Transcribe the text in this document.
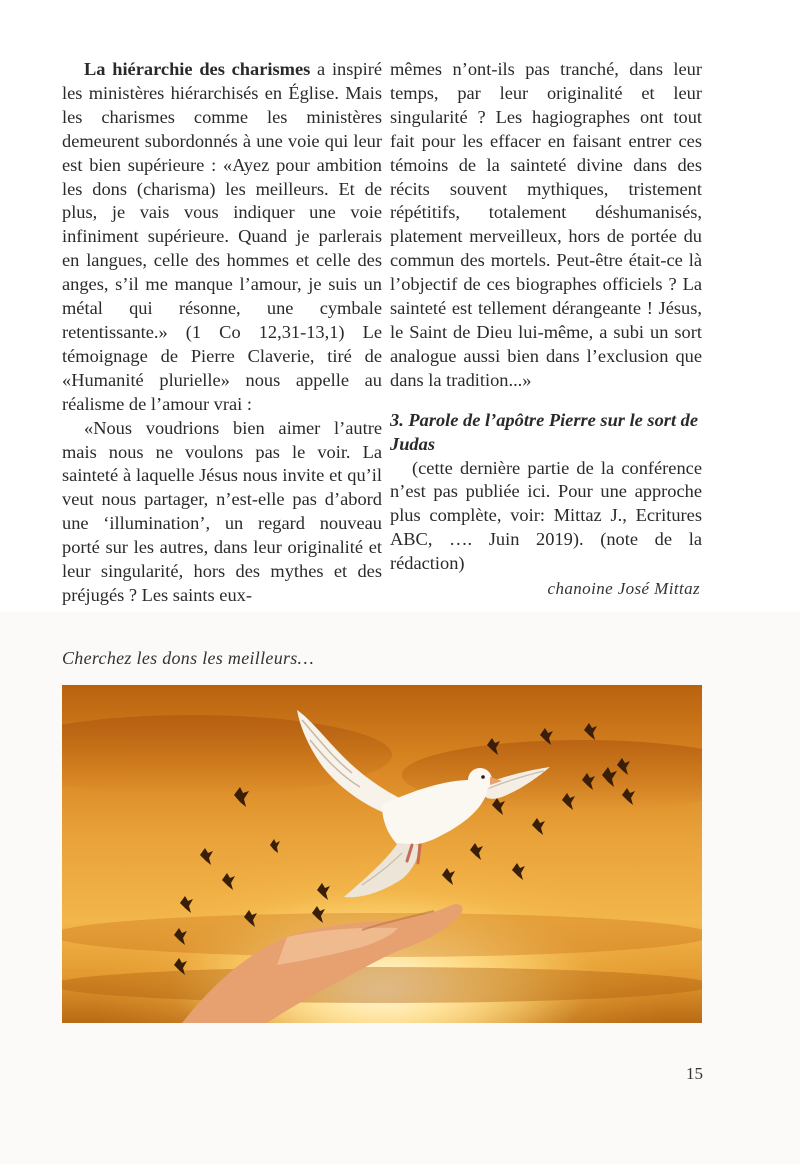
La hiérarchie des charismes a inspiré les ministères hiérarchisés en Église. Mais les charismes comme les ministères demeurent subordonnés à une voie qui leur est bien supérieure : «Ayez pour ambition les dons (charisma) les meilleurs. Et de plus, je vais vous indiquer une voie infiniment supérieure. Quand je parlerais en langues, celle des hommes et celle des anges, s’il me manque l’amour, je suis un métal qui résonne, une cymbale retentissante.» (1 Co 12,31-13,1) Le témoignage de Pierre Claverie, tiré de «Humanité plurielle» nous appelle au réalisme de l’amour vrai :

«Nous voudrions bien aimer l’autre mais nous ne voulons pas le voir. La sainteté à laquelle Jésus nous invite et qu’il veut nous partager, n’est-elle pas d’abord une ‘illumination’, un regard nouveau porté sur les autres, dans leur originalité et leur singularité, hors des mythes et des préjugés ? Les saints eux-

mêmes n’ont-ils pas tranché, dans leur temps, par leur originalité et leur singularité ? Les hagiographes ont tout fait pour les effacer en faisant entrer ces témoins de la sainteté divine dans des récits souvent mythiques, tristement répétitifs, totalement déshumanisés, platement merveilleux, hors de portée du commun des mortels. Peut-être était-ce là l’objectif de ces biographes officiels ? La sainteté est tellement dérangeante ! Jésus, le Saint de Dieu lui-même, a subi un sort analogue aussi bien dans l’exclusion que dans la tradition...»

3. Parole de l’apôtre Pierre sur le sort de Judas

(cette dernière partie de la conférence n’est pas publiée ici. Pour une approche plus complète, voir: Mittaz J., Ecritures ABC, …. Juin 2019). (note de la rédaction)

chanoine José Mittaz
Cherchez les dons les meilleurs…
15
